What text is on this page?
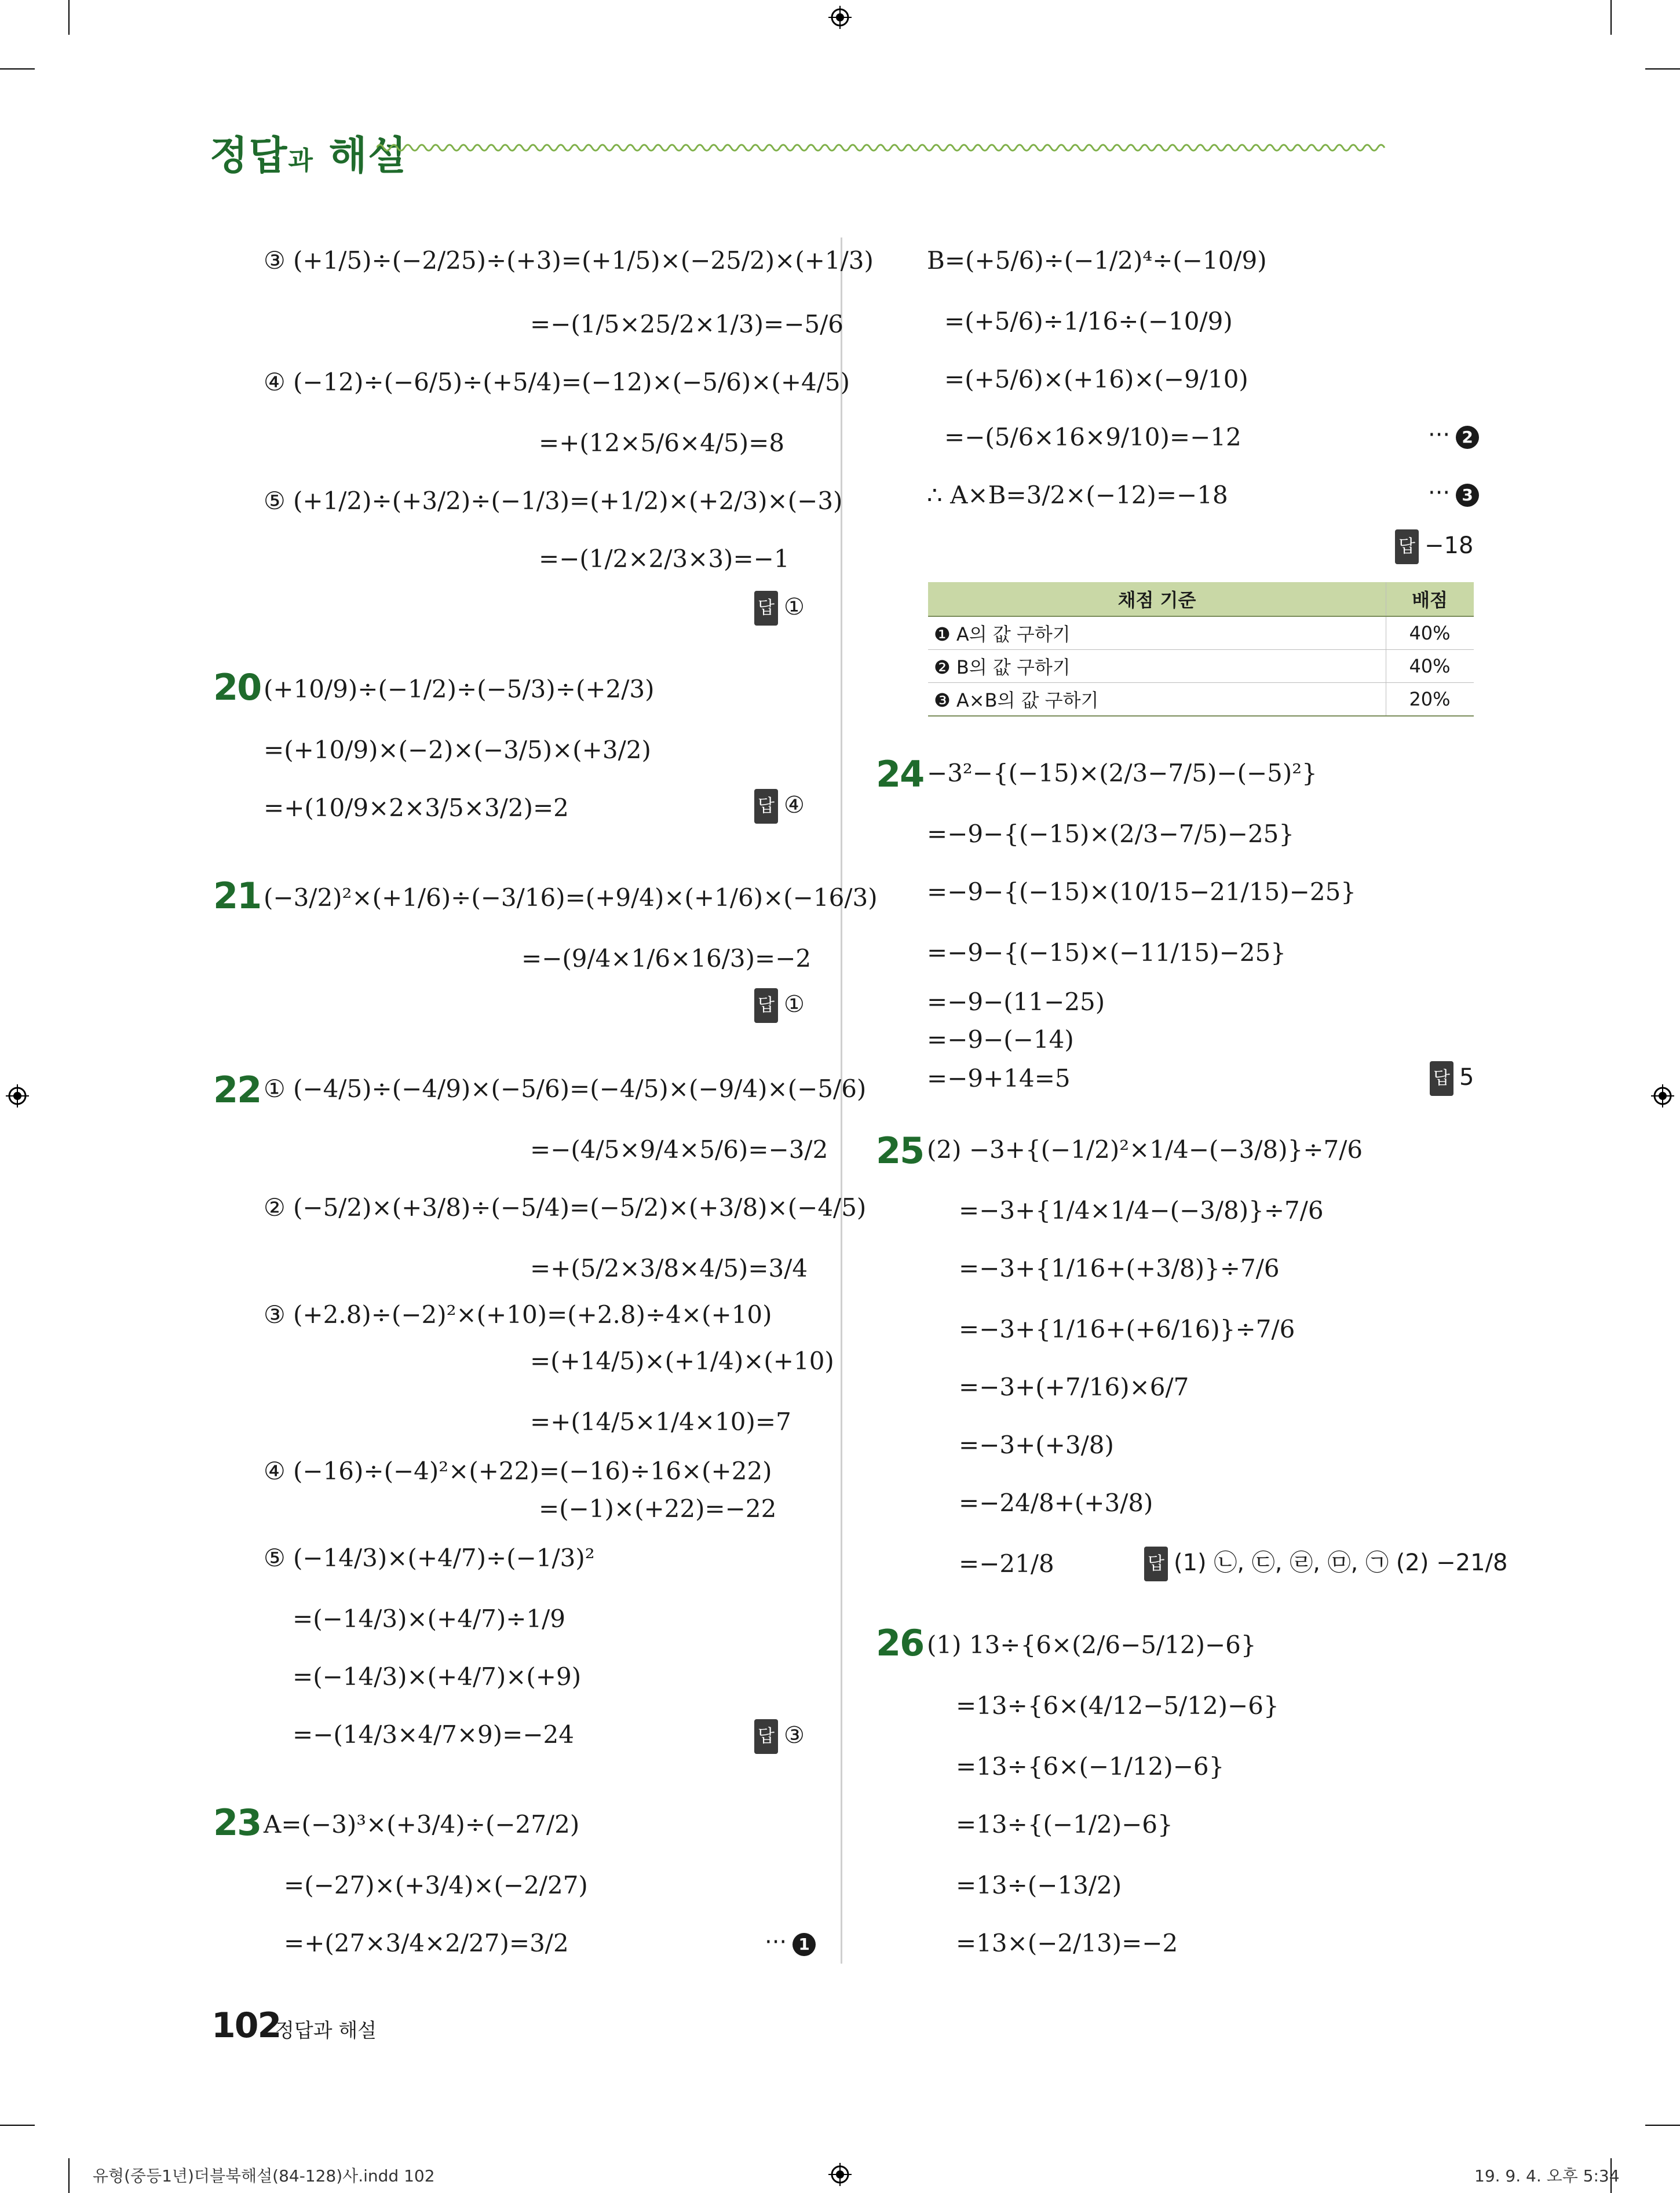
정답과 해설
③ (+1/5)÷(−2/25)÷(+3)=(+1/5)×(−25/2)×(+1/3)
=−(1/5×25/2×1/3)=−5/6
④ (−12)÷(−6/5)÷(+5/4)=(−12)×(−5/6)×(+4/5)
=+(12×5/6×4/5)=8
⑤ (+1/2)÷(+3/2)÷(−1/3)=(+1/2)×(+2/3)×(−3)
=−(1/2×2/3×3)=−1
답 ①
20 (+10/9)÷(−1/2)÷(−5/3)÷(+2/3)
=(+10/9)×(−2)×(−3/5)×(+3/2)
=+(10/9×2×3/5×3/2)=2	답 ④
21 (−3/2)²×(+1/6)÷(−3/16)=(+9/4)×(+1/6)×(−16/3)
=−(9/4×1/6×16/3)=−2
답 ①
22 ① (−4/5)÷(−4/9)×(−5/6)=(−4/5)×(−9/4)×(−5/6)
=−(4/5×9/4×5/6)=−3/2
② (−5/2)×(+3/8)÷(−5/4)=(−5/2)×(+3/8)×(−4/5)
=+(5/2×3/8×4/5)=3/4
③ (+2.8)÷(−2)²×(+10)=(+2.8)÷4×(+10)
=(+14/5)×(+1/4)×(+10)
=+(14/5×1/4×10)=7
④ (−16)÷(−4)²×(+22)=(−16)÷16×(+22)
=(−1)×(+22)=−22
⑤ (−14/3)×(+4/7)÷(−1/3)²
=(−14/3)×(+4/7)÷1/9
=(−14/3)×(+4/7)×(+9)
=−(14/3×4/7×9)=−24	답 ③
23 A=(−3)³×(+3/4)÷(−27/2)
=(−27)×(+3/4)×(−2/27)
=+(27×3/4×2/27)=3/2	··· 1
B=(+5/6)÷(−1/2)⁴÷(−10/9)
=(+5/6)÷1/16÷(−10/9)
=(+5/6)×(+16)×(−9/10)
=−(5/6×16×9/10)=−12	··· 2
∴ A×B=3/2×(−12)=−18	··· 3
답 −18
채점 기준	배점
❶ A의 값 구하기	40%
❷ B의 값 구하기	40%
❸ A×B의 값 구하기	20%
24 −3²−{(−15)×(2/3−7/5)−(−5)²}
=−9−{(−15)×(2/3−7/5)−25}
=−9−{(−15)×(10/15−21/15)−25}
=−9−{(−15)×(−11/15)−25}
=−9−(11−25)
=−9−(−14)
=−9+14=5	답 5
25 (2) −3+{(−1/2)²×1/4−(−3/8)}÷7/6
=−3+{1/4×1/4−(−3/8)}÷7/6
=−3+{1/16+(+3/8)}÷7/6
=−3+{1/16+(+6/16)}÷7/6
=−3+(+7/16)×6/7
=−3+(+3/8)
=−24/8+(+3/8)
=−21/8	답 (1) ㉡, ㉢, ㉣, ㉤, ㉠ (2) −21/8
26 (1) 13÷{6×(2/6−5/12)−6}
=13÷{6×(4/12−5/12)−6}
=13÷{6×(−1/12)−6}
=13÷{(−1/2)−6}
=13÷(−13/2)
=13×(−2/13)=−2
102
정답과 해설
유형(중등1년)더블북해설(84-128)사.indd 102	19. 9. 4. 오후 5:34
